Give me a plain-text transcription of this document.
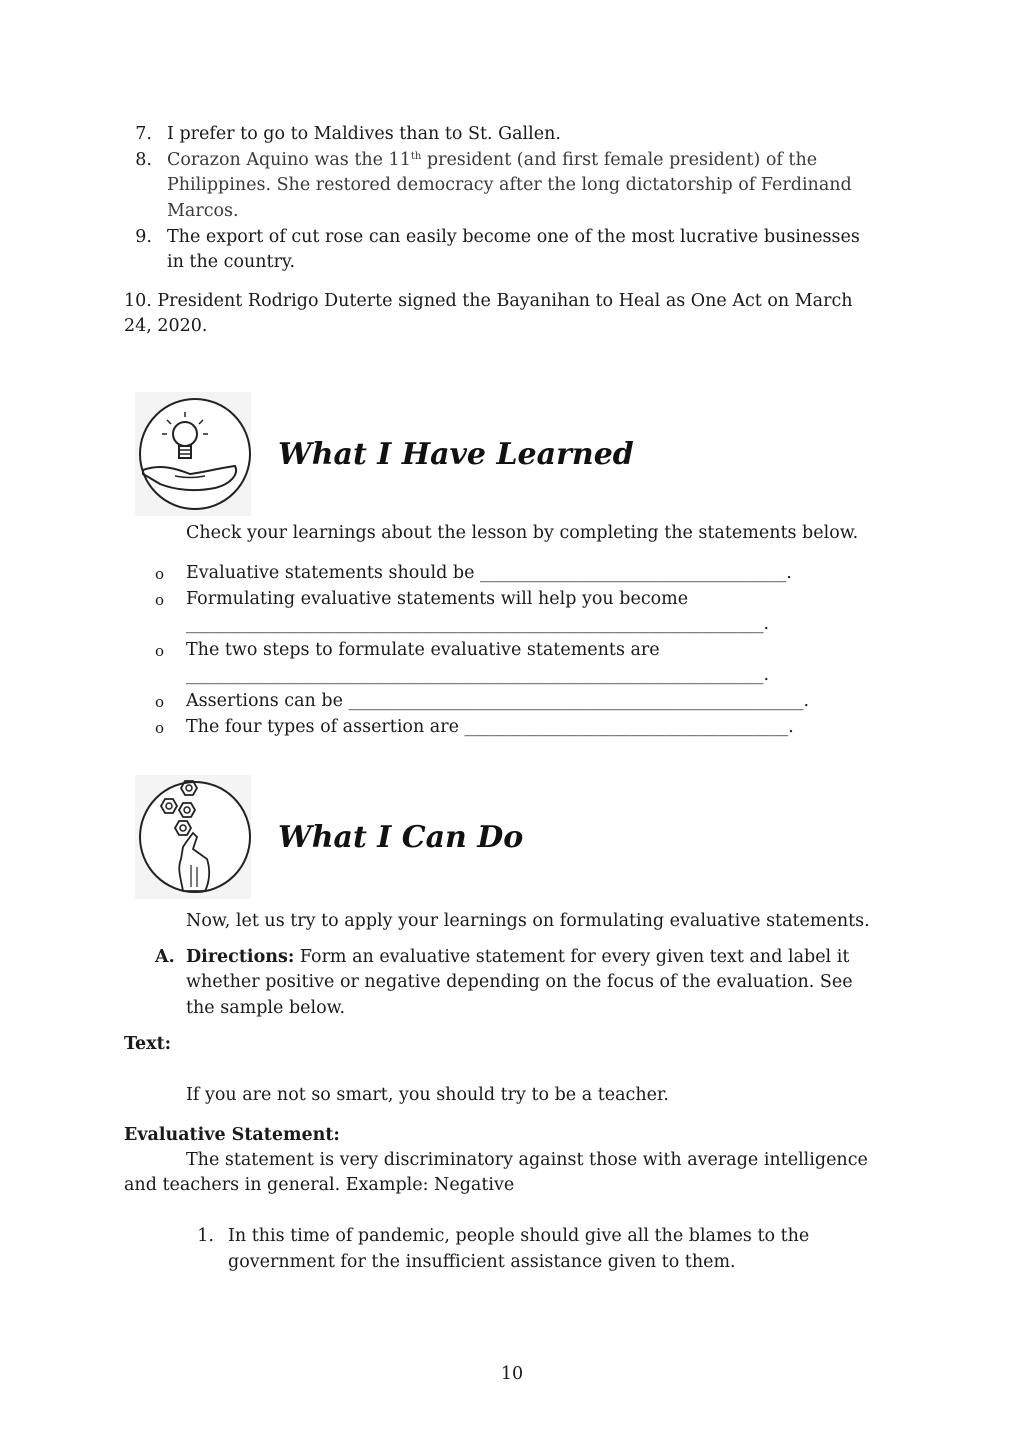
7. I prefer to go to Maldives than to St. Gallen.
8. Corazon Aquino was the 11th president (and first female president) of the
Philippines. She restored democracy after the long dictatorship of Ferdinand
Marcos.
9. The export of cut rose can easily become one of the most lucrative businesses
in the country.
10. President Rodrigo Duterte signed the Bayanihan to Heal as One Act on March
24, 2020.
What I Have Learned
Check your learnings about the lesson by completing the statements below.
o Evaluative statements should be ___________________________________.
o Formulating evaluative statements will help you become
__________________________________________________________________.
o The two steps to formulate evaluative statements are
__________________________________________________________________.
o Assertions can be ____________________________________________________.
o The four types of assertion are _____________________________________.
What I Can Do
Now, let us try to apply your learnings on formulating evaluative statements.
A. Directions: Form an evaluative statement for every given text and label it
whether positive or negative depending on the focus of the evaluation. See
the sample below.
Text:
If you are not so smart, you should try to be a teacher.
Evaluative Statement:
The statement is very discriminatory against those with average intelligence
and teachers in general. Example: Negative
1. In this time of pandemic, people should give all the blames to the
government for the insufficient assistance given to them.
10
